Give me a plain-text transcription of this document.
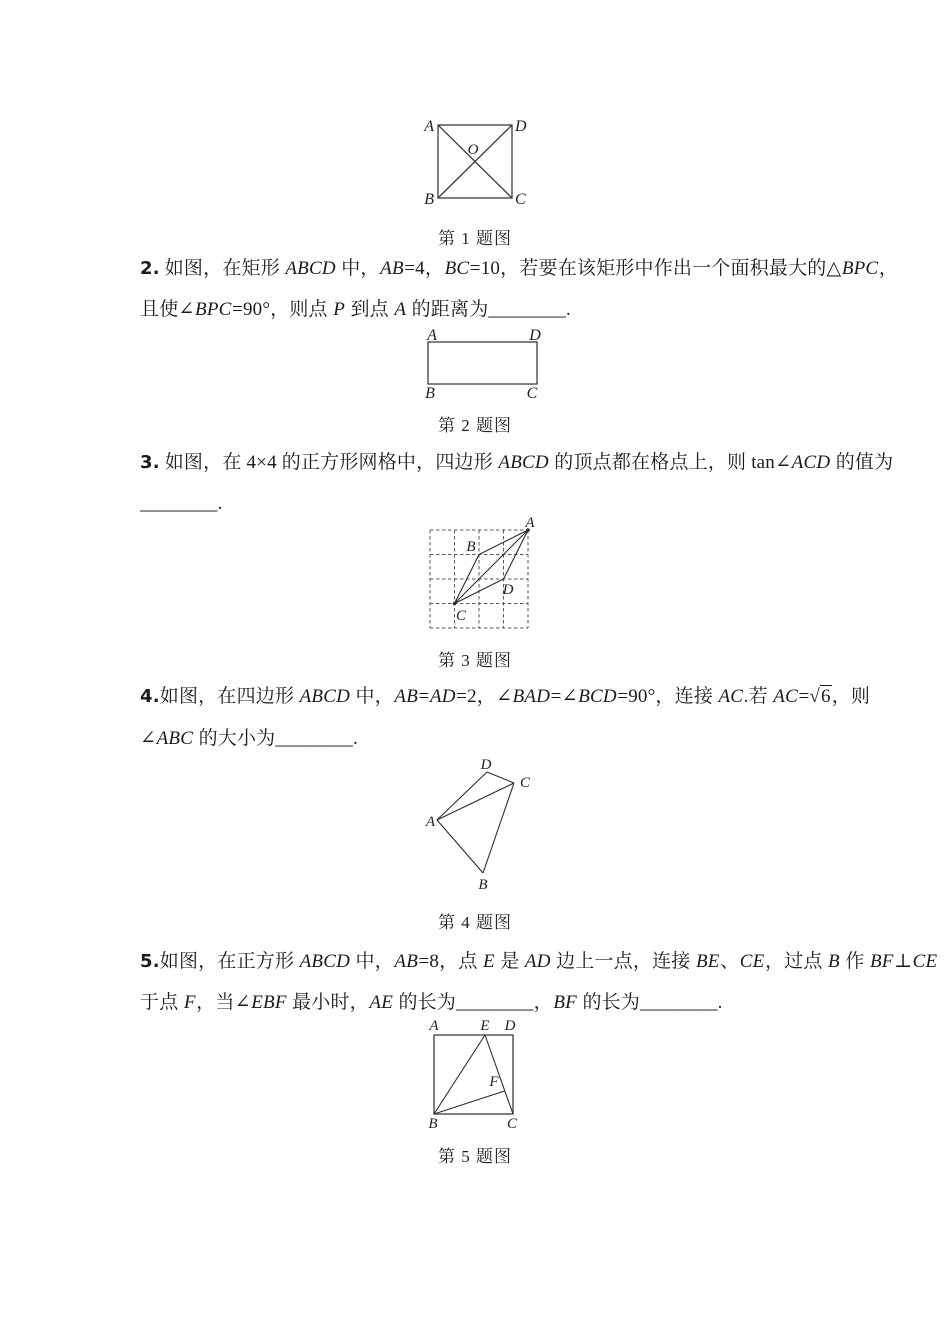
A	D
B	C
O
第 1 题图
2. 如图，在矩形 ABCD 中，AB=4，BC=10，若要在该矩形中作出一个面积最大的△BPC，
且使∠BPC=90°，则点 P 到点 A 的距离为________.
A	D
B	C
第 2 题图
3. 如图，在 4×4 的正方形网格中，四边形 ABCD 的顶点都在格点上，则 tan∠ACD 的值为
________.
A
B
C
D
第 3 题图
4.如图，在四边形 ABCD 中，AB=AD=2，∠BAD=∠BCD=90°，连接 AC.若 AC=√6，则
∠ABC 的大小为________.
D
C
A
B
第 4 题图
5.如图，在正方形 ABCD 中，AB=8，点 E 是 AD 边上一点，连接 BE、CE，过点 B 作 BF⊥CE
于点 F，当∠EBF 最小时，AE 的长为________，BF 的长为________.
A	E D
B	C
F
第 5 题图
